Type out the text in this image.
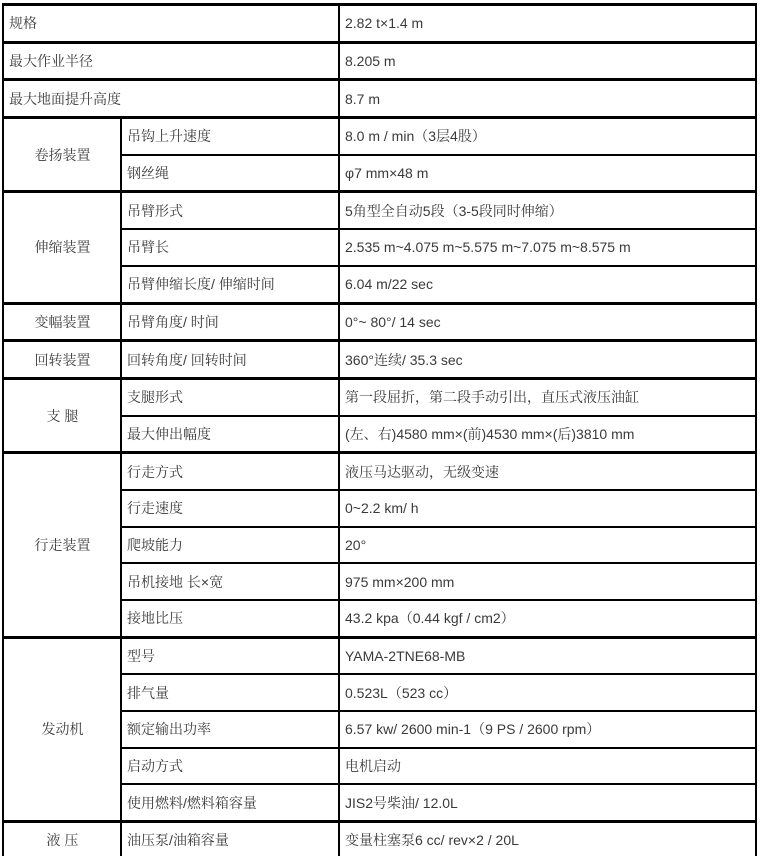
规格		2.82 t×1.4 m
最大作业半径		8.205 m
最大地面提升高度		8.7 m
卷扬装置	吊钩上升速度	8.0 m / min（3层4股）
	钢丝绳	φ7 mm×48 m
伸缩装置	吊臂形式	5角型全自动5段（3-5段同时伸缩）
	吊臂长	2.535 m~4.075 m~5.575 m~7.075 m~8.575 m
	吊臂伸缩长度/ 伸缩时间	6.04 m/22 sec
变幅装置	吊臂角度/ 时间	0°~ 80°/ 14 sec
回转装置	回转角度/ 回转时间	360°连续/ 35.3 sec
支 腿	支腿形式	第一段屈折，第二段手动引出，直压式液压油缸
	最大伸出幅度	(左、右)4580 mm×(前)4530 mm×(后)3810 mm
行走装置	行走方式	液压马达驱动，无级变速
	行走速度	0~2.2 km/ h
	爬坡能力	20°
	吊机接地 长×宽	975 mm×200 mm
	接地比压	43.2 kpa（0.44 kgf / cm2）
发动机	型号	YAMA-2TNE68-MB
	排气量	0.523L（523 cc）
	额定输出功率	6.57 kw/ 2600 min-1（9 PS / 2600 rpm）
	启动方式	电机启动
	使用燃料/燃料箱容量	JIS2号柴油/ 12.0L
液 压	油压泵/油箱容量	变量柱塞泵6 cc/ rev×2 / 20L
